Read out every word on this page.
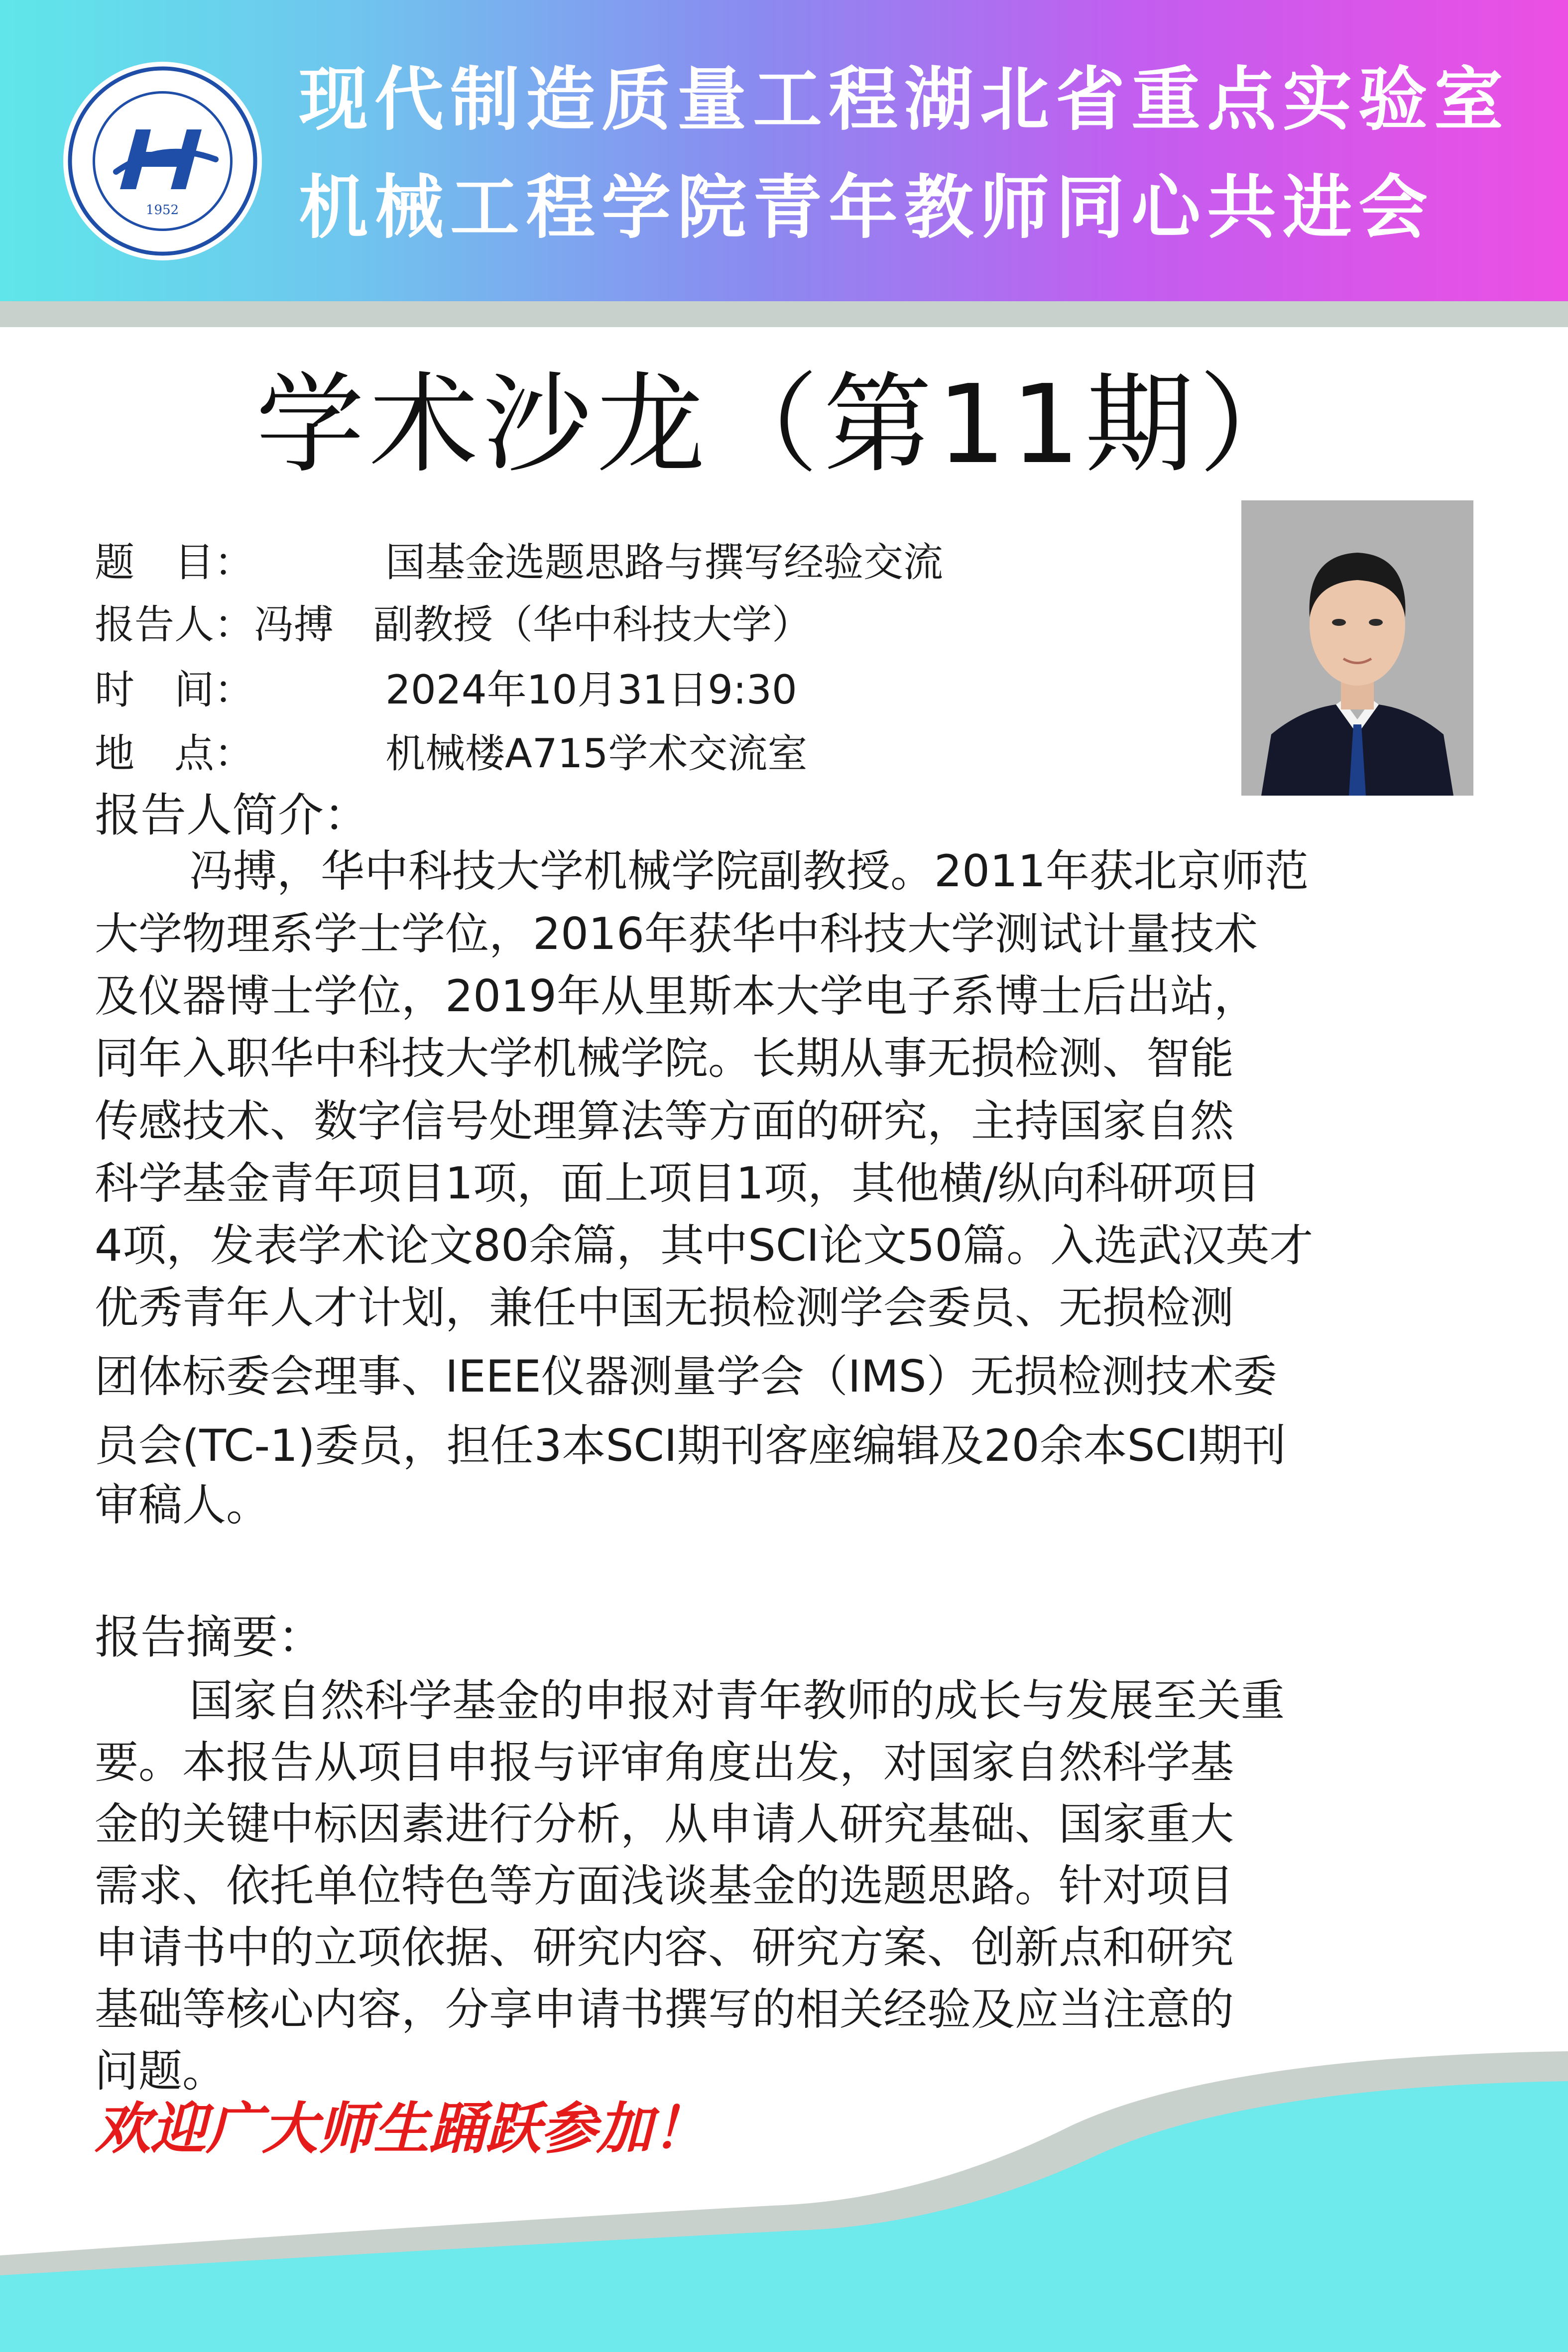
1952
现代制造质量工程湖北省重点实验室
机械工程学院青年教师同心共进会
学术沙龙（第11期）
题　目：	国基金选题思路与撰写经验交流
报告人：冯搏　副教授（华中科技大学）
时　间：	2024年10月31日9:30
地　点：	机械楼A715学术交流室
报告人简介：
冯搏，华中科技大学机械学院副教授。2011年获北京师范
大学物理系学士学位，2016年获华中科技大学测试计量技术
及仪器博士学位，2019年从里斯本大学电子系博士后出站，
同年入职华中科技大学机械学院。长期从事无损检测、智能
传感技术、数字信号处理算法等方面的研究，主持国家自然
科学基金青年项目1项，面上项目1项，其他横/纵向科研项目
4项，发表学术论文80余篇，其中SCI论文50篇。入选武汉英才
优秀青年人才计划，兼任中国无损检测学会委员、无损检测
团体标委会理事、IEEE仪器测量学会（IMS）无损检测技术委
员会(TC-1)委员，担任3本SCI期刊客座编辑及20余本SCI期刊
审稿人。
报告摘要：
国家自然科学基金的申报对青年教师的成长与发展至关重
要。本报告从项目申报与评审角度出发，对国家自然科学基
金的关键中标因素进行分析，从申请人研究基础、国家重大
需求、依托单位特色等方面浅谈基金的选题思路。针对项目
申请书中的立项依据、研究内容、研究方案、创新点和研究
基础等核心内容，分享申请书撰写的相关经验及应当注意的
问题。
欢迎广大师生踊跃参加！
